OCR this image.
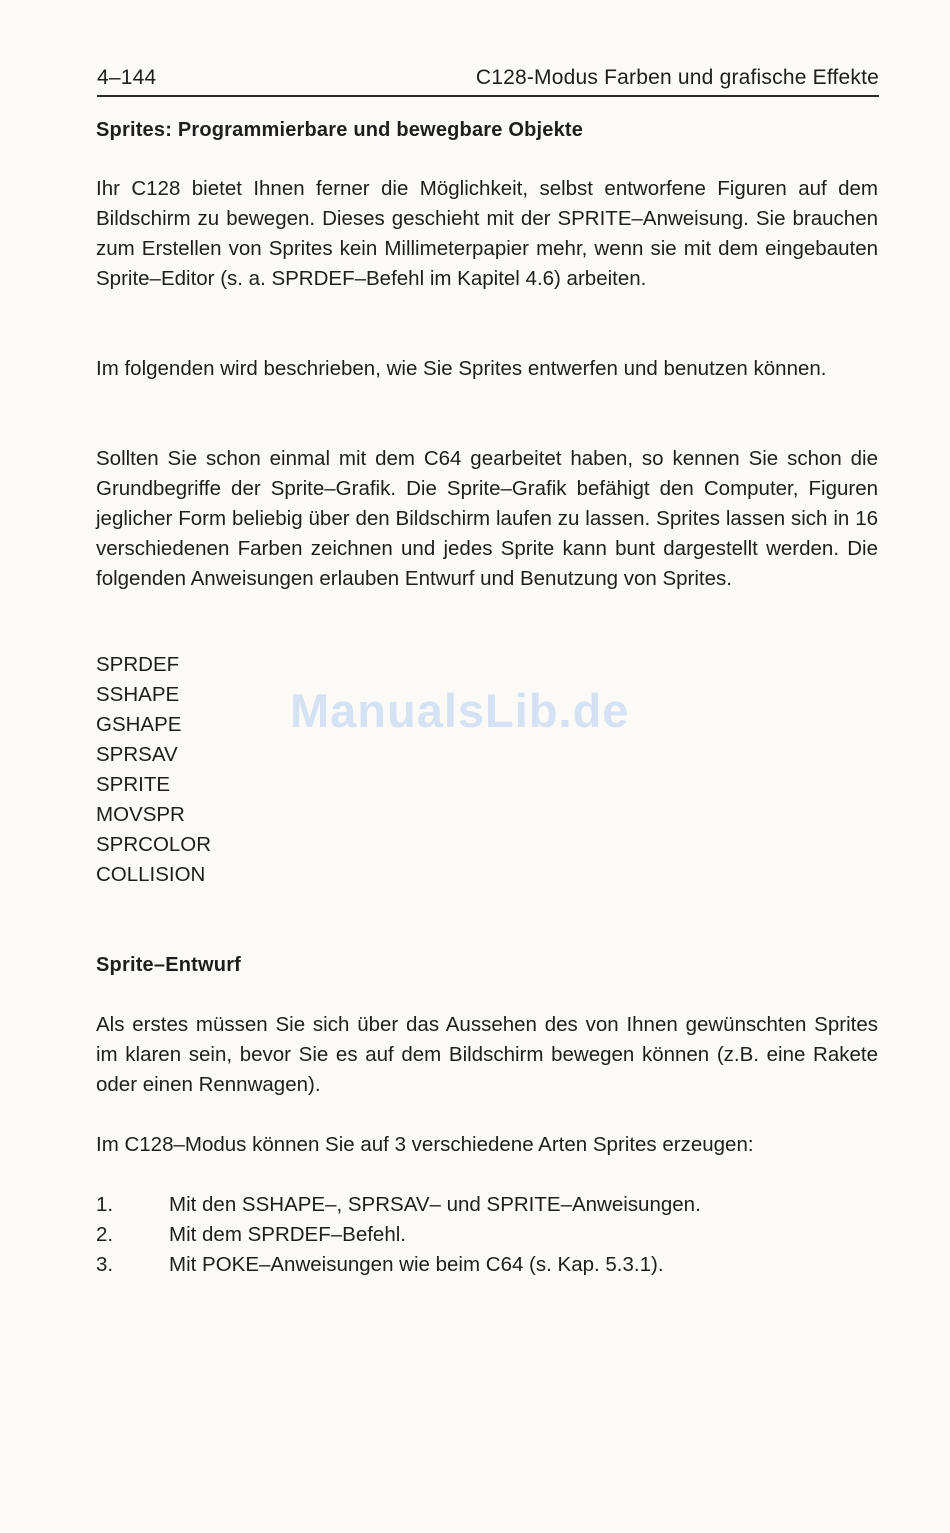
4–144	C128-Modus Farben und grafische Effekte
Sprites: Programmierbare und bewegbare Objekte

Ihr C128 bietet Ihnen ferner die Möglichkeit, selbst entworfene Figuren auf dem Bildschirm zu bewegen. Dieses geschieht mit der SPRITE–Anweisung. Sie brauchen zum Erstellen von Sprites kein Millimeterpapier mehr, wenn sie mit dem eingebauten Sprite–Editor (s. a. SPRDEF–Befehl im Kapitel 4.6) arbeiten.

Im folgenden wird beschrieben, wie Sie Sprites entwerfen und benutzen können.

Sollten Sie schon einmal mit dem C64 gearbeitet haben, so kennen Sie schon die Grundbegriffe der Sprite–Grafik. Die Sprite–Grafik befähigt den Computer, Figuren jeglicher Form beliebig über den Bildschirm laufen zu lassen. Sprites lassen sich in 16 verschiedenen Farben zeichnen und jedes Sprite kann bunt dargestellt werden. Die folgenden Anweisungen erlauben Entwurf und Benutzung von Sprites.

SPRDEF
SSHAPE
GSHAPE
SPRSAV
SPRITE
MOVSPR
SPRCOLOR
COLLISION
ManualsLib.de
Sprite–Entwurf

Als erstes müssen Sie sich über das Aussehen des von Ihnen gewünschten Sprites im klaren sein, bevor Sie es auf dem Bildschirm bewegen können (z.B. eine Rakete oder einen Rennwagen).

Im C128–Modus können Sie auf 3 verschiedene Arten Sprites erzeugen:

1.	Mit den SSHAPE–, SPRSAV– und SPRITE–Anweisungen.
2.	Mit dem SPRDEF–Befehl.
3.	Mit POKE–Anweisungen wie beim C64 (s. Kap. 5.3.1).
